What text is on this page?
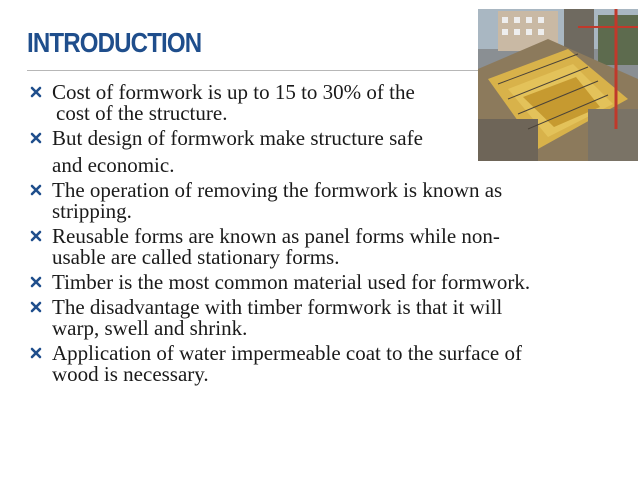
INTRODUCTION
Cost of formwork is up to 15 to 30% of the
cost of the structure.
But design of formwork make structure safe
and economic.
The operation of removing the formwork is known as
stripping.
Reusable forms are known as panel forms while non-
usable are called stationary forms.
Timber is the most common material used for formwork.
The disadvantage with timber formwork is that it will
warp, swell and shrink.
Application of water impermeable coat to the surface of
wood is necessary.
